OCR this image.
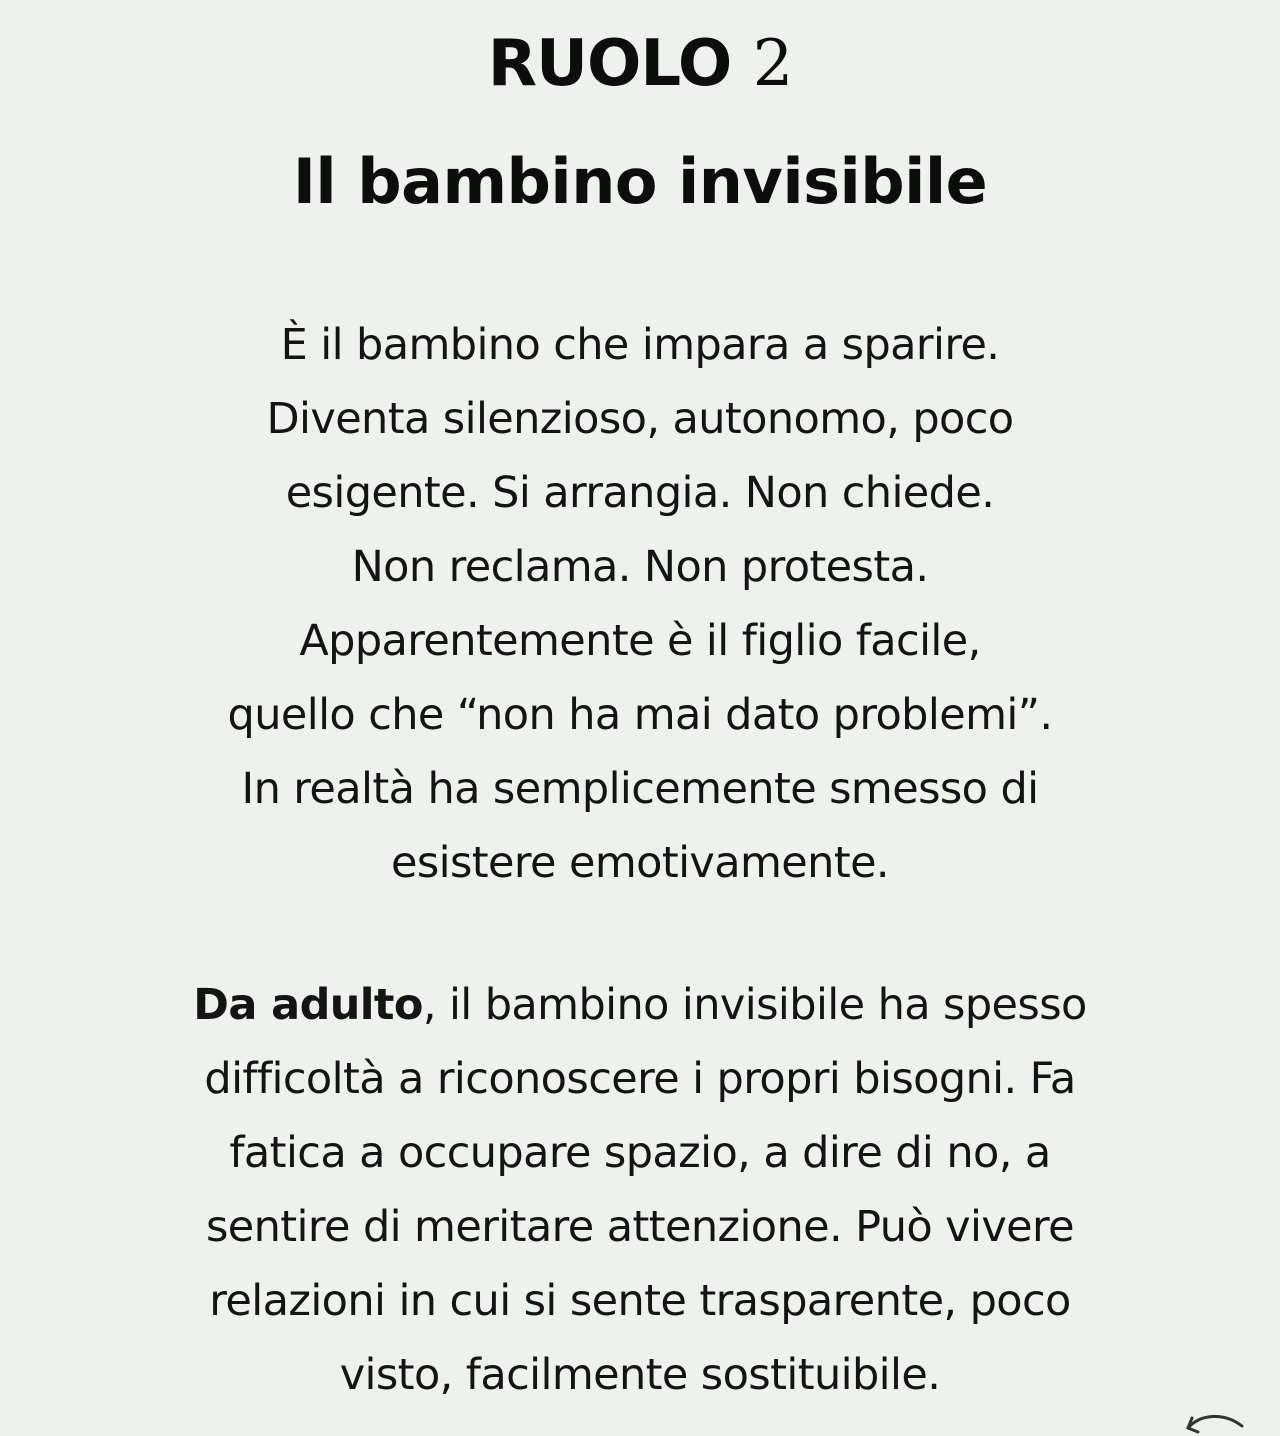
RUOLO 2
Il bambino invisibile
È il bambino che impara a sparire.
Diventa silenzioso, autonomo, poco
esigente. Si arrangia. Non chiede.
Non reclama. Non protesta.
Apparentemente è il figlio facile,
quello che “non ha mai dato problemi”.
In realtà ha semplicemente smesso di
esistere emotivamente.
Da adulto, il bambino invisibile ha spesso
difficoltà a riconoscere i propri bisogni. Fa
fatica a occupare spazio, a dire di no, a
sentire di meritare attenzione. Può vivere
relazioni in cui si sente trasparente, poco
visto, facilmente sostituibile.
